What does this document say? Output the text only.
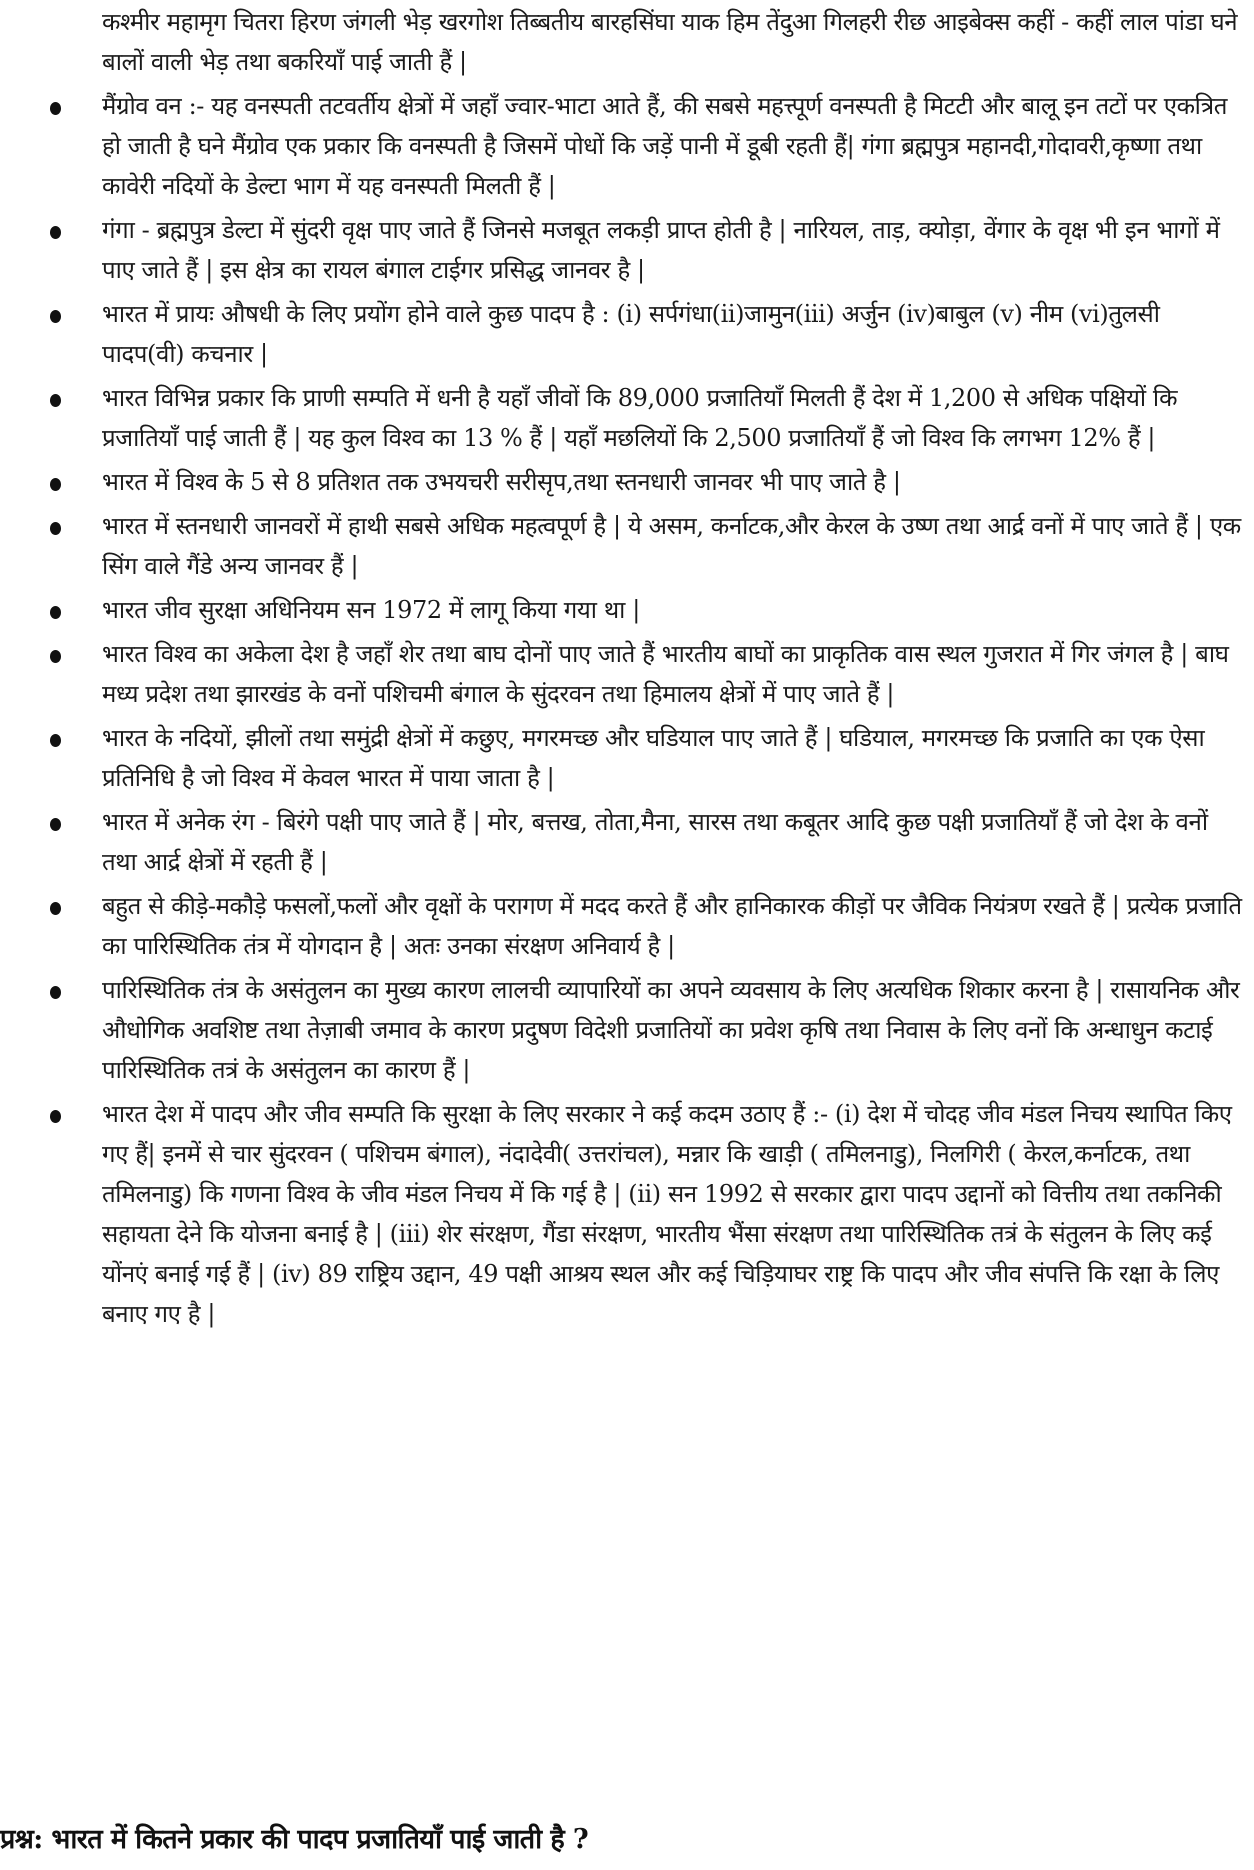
कश्मीर महामृग चितरा हिरण जंगली भेड़ खरगोश तिब्बतीय बारहसिंघा याक हिम तेंदुआ गिलहरी रीछ आइबेक्स कहीं - कहीं लाल पांडा घने बालों वाली भेड़ तथा बकरियाँ पाई जाती हैं |

मैंग्रोव वन :- यह वनस्पती तटवर्तीय क्षेत्रों में जहाँ ज्वार-भाटा आते हैं, की सबसे महत्त्पूर्ण वनस्पती है मिटटी और बालू इन तटों पर एकत्रित हो जाती है घने मैंग्रोव एक प्रकार कि वनस्पती है जिसमें पोधों कि जड़ें पानी में डूबी रहती हैं| गंगा ब्रह्मपुत्र महानदी,गोदावरी,कृष्णा तथा कावेरी नदियों के डेल्टा भाग में यह वनस्पती मिलती हैं |
गंगा - ब्रह्मपुत्र डेल्टा में सुंदरी वृक्ष पाए जाते हैं जिनसे मजबूत लकड़ी प्राप्त होती है | नारियल, ताड़, क्योड़ा, वेंगार के वृक्ष भी इन भागों में पाए जाते हैं | इस क्षेत्र का रायल बंगाल टाईगर प्रसिद्ध जानवर है |
भारत में प्रायः औषधी के लिए प्रयोंग होने वाले कुछ पादप है : (i) सर्पगंधा(ii)जामुन(iii) अर्जुन (iv)बाबुल (v) नीम (vi)तुलसी पादप(वी) कचनार |
भारत विभिन्न प्रकार कि प्राणी सम्पति में धनी है यहाँ जीवों कि 89,000 प्रजातियाँ मिलती हैं देश में 1,200 से अधिक पक्षियों कि प्रजातियाँ पाई जाती हैं | यह कुल विश्व का 13 % हैं | यहाँ मछलियों कि 2,500 प्रजातियाँ हैं जो विश्व कि लगभग 12% हैं |
भारत में विश्व के 5 से 8 प्रतिशत तक उभयचरी सरीसृप,तथा स्तनधारी जानवर भी पाए जाते है |
भारत में स्तनधारी जानवरों में हाथी सबसे अधिक महत्वपूर्ण है | ये असम, कर्नाटक,और केरल के उष्ण तथा आर्द्र वनों में पाए जाते हैं | एक सिंग वाले गैंडे अन्य जानवर हैं |
भारत जीव सुरक्षा अधिनियम सन 1972 में लागू किया गया था |
भारत विश्व का अकेला देश है जहाँ शेर तथा बाघ दोनों पाए जाते हैं भारतीय बाघों का प्राकृतिक वास स्थल गुजरात में गिर जंगल है | बाघ मध्य प्रदेश तथा झारखंड के वनों पशिचमी बंगाल के सुंदरवन तथा हिमालय क्षेत्रों में पाए जाते हैं |
भारत के नदियों, झीलों तथा समुंद्री क्षेत्रों में कछुए, मगरमच्छ और घडियाल पाए जाते हैं | घडियाल, मगरमच्छ कि प्रजाति का एक ऐसा प्रतिनिधि है जो विश्व में केवल भारत में पाया जाता है |
भारत में अनेक रंग - बिरंगे पक्षी पाए जाते हैं | मोर, बत्तख, तोता,मैना, सारस तथा कबूतर आदि कुछ पक्षी प्रजातियाँ हैं जो देश के वनों तथा आर्द्र क्षेत्रों में रहती हैं |
बहुत से कीड़े-मकौड़े फसलों,फलों और वृक्षों के परागण में मदद करते हैं और हानिकारक कीड़ों पर जैविक नियंत्रण रखते हैं | प्रत्येक प्रजाति का पारिस्थितिक तंत्र में योगदान है | अतः उनका संरक्षण अनिवार्य है |
पारिस्थितिक तंत्र के असंतुलन का मुख्य कारण लालची व्यापारियों का अपने व्यवसाय के लिए अत्यधिक शिकार करना है | रासायनिक और औधोगिक अवशिष्ट तथा तेज़ाबी जमाव के कारण प्रदुषण विदेशी प्रजातियों का प्रवेश कृषि तथा निवास के लिए वनों कि अन्धाधुन कटाई पारिस्थितिक तत्रं के असंतुलन का कारण हैं |
भारत देश में पादप और जीव सम्पति कि सुरक्षा के लिए सरकार ने कई कदम उठाए हैं :- (i) देश में चोदह जीव मंडल निचय स्थापित किए गए हैं| इनमें से चार सुंदरवन ( पशिचम बंगाल), नंदादेवी( उत्तरांचल), मन्नार कि खाड़ी ( तमिलनाडु), निलगिरी ( केरल,कर्नाटक, तथा तमिलनाडु) कि गणना विश्व के जीव मंडल निचय में कि गई है | (ii) सन 1992 से सरकार द्वारा पादप उद्दानों को वित्तीय तथा तकनिकी सहायता देने कि योजना बनाई है | (iii) शेर संरक्षण, गैंडा संरक्षण, भारतीय भैंसा संरक्षण तथा पारिस्थितिक तत्रं के संतुलन के लिए कई योंनएं बनाई गई हैं | (iv) 89 राष्ट्रिय उद्दान, 49 पक्षी आश्रय स्थल और कई चिड़ियाघर राष्ट्र कि पादप और जीव संपत्ति कि रक्षा के लिए बनाए गए है |
प्रश्न: भारत में कितने प्रकार की पादप प्रजातियाँ पाई जाती है ?
